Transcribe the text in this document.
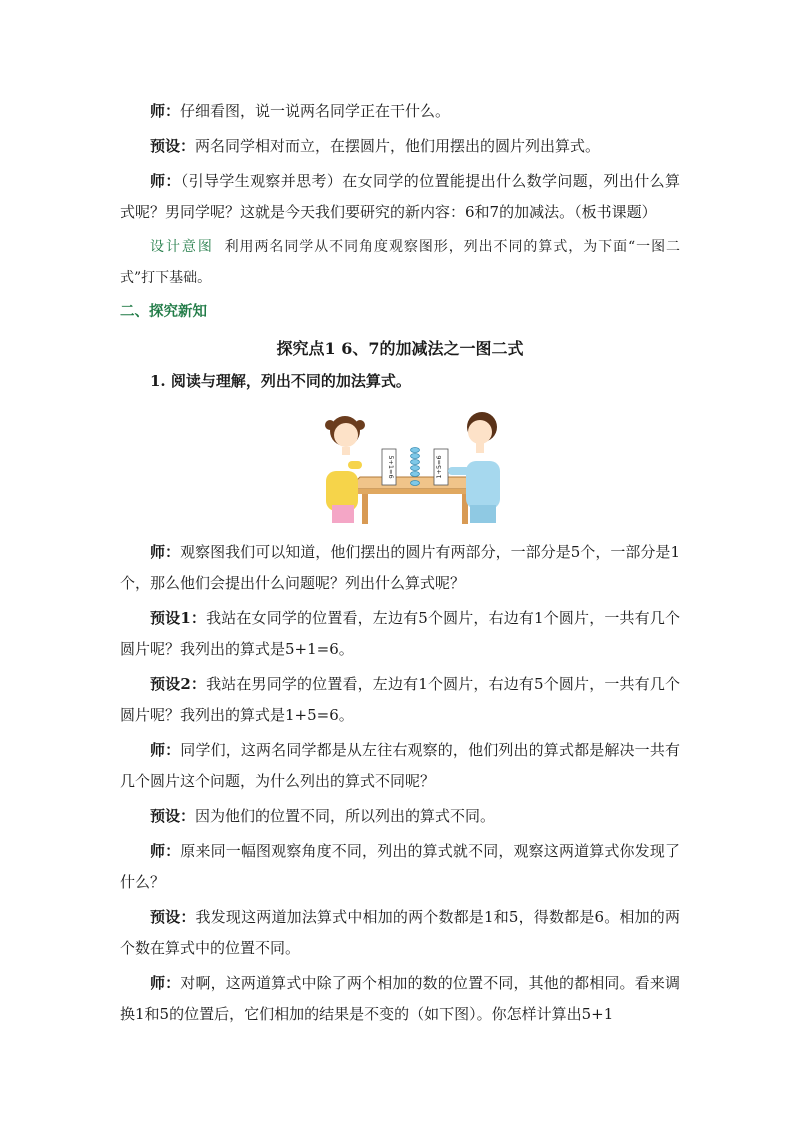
师：仔细看图，说一说两名同学正在干什么。

预设：两名同学相对而立，在摆圆片，他们用摆出的圆片列出算式。

师：（引导学生观察并思考）在女同学的位置能提出什么数学问题，列出什么算式呢？男同学呢？这就是今天我们要研究的新内容：6和7的加减法。（板书课题）

设计意图 利用两名同学从不同角度观察图形，列出不同的算式，为下面“一图二式”打下基础。

二、探究新知

探究点1 6、7的加减法之一图二式

1. 阅读与理解，列出不同的加法算式。

5+1=6	1+5=6

师：观察图我们可以知道，他们摆出的圆片有两部分，一部分是5个，一部分是1个，那么他们会提出什么问题呢？列出什么算式呢？

预设1：我站在女同学的位置看，左边有5个圆片，右边有1个圆片，一共有几个圆片呢？我列出的算式是5+1=6。

预设2：我站在男同学的位置看，左边有1个圆片，右边有5个圆片，一共有几个圆片呢？我列出的算式是1+5=6。

师：同学们，这两名同学都是从左往右观察的，他们列出的算式都是解决一共有几个圆片这个问题，为什么列出的算式不同呢？

预设：因为他们的位置不同，所以列出的算式不同。

师：原来同一幅图观察角度不同，列出的算式就不同，观察这两道算式你发现了什么？

预设：我发现这两道加法算式中相加的两个数都是1和5，得数都是6。相加的两个数在算式中的位置不同。

师：对啊，这两道算式中除了两个相加的数的位置不同，其他的都相同。看来调换1和5的位置后，它们相加的结果是不变的（如下图）。你怎样计算出5+1
